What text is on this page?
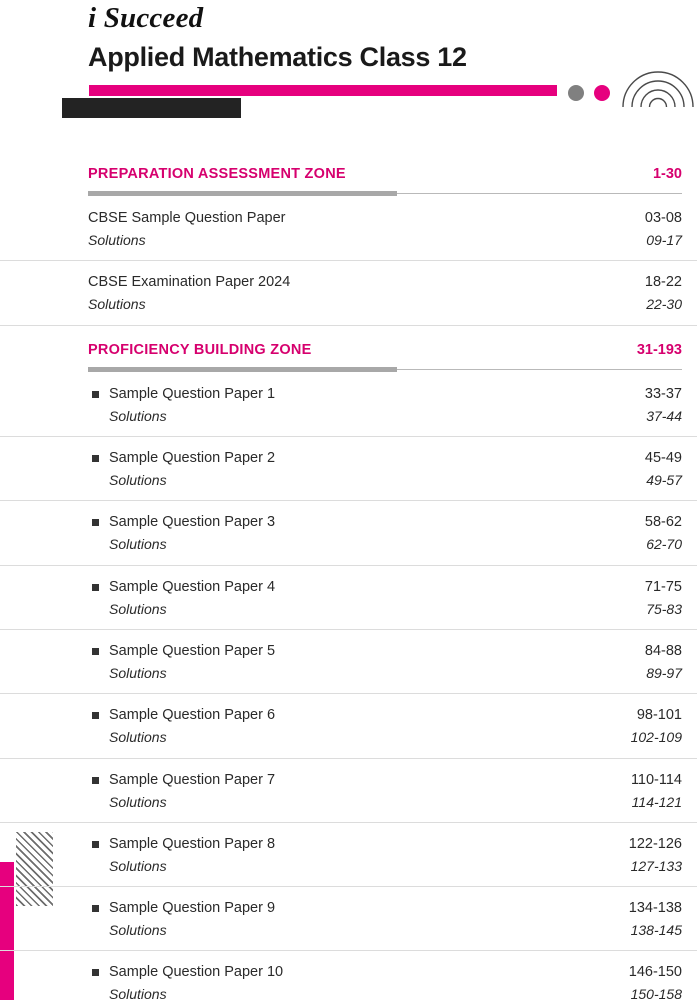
i Succeed
Applied Mathematics Class 12
PREPARATION ASSESSMENT ZONE	1-30
CBSE Sample Question Paper	03-08
Solutions	09-17
CBSE Examination Paper 2024	18-22
Solutions	22-30
PROFICIENCY BUILDING ZONE	31-193
Sample Question Paper 1	33-37
Solutions	37-44
Sample Question Paper 2	45-49
Solutions	49-57
Sample Question Paper 3	58-62
Solutions	62-70
Sample Question Paper 4	71-75
Solutions	75-83
Sample Question Paper 5	84-88
Solutions	89-97
Sample Question Paper 6	98-101
Solutions	102-109
Sample Question Paper 7	110-114
Solutions	114-121
Sample Question Paper 8	122-126
Solutions	127-133
Sample Question Paper 9	134-138
Solutions	138-145
Sample Question Paper 10	146-150
Solutions	150-158
